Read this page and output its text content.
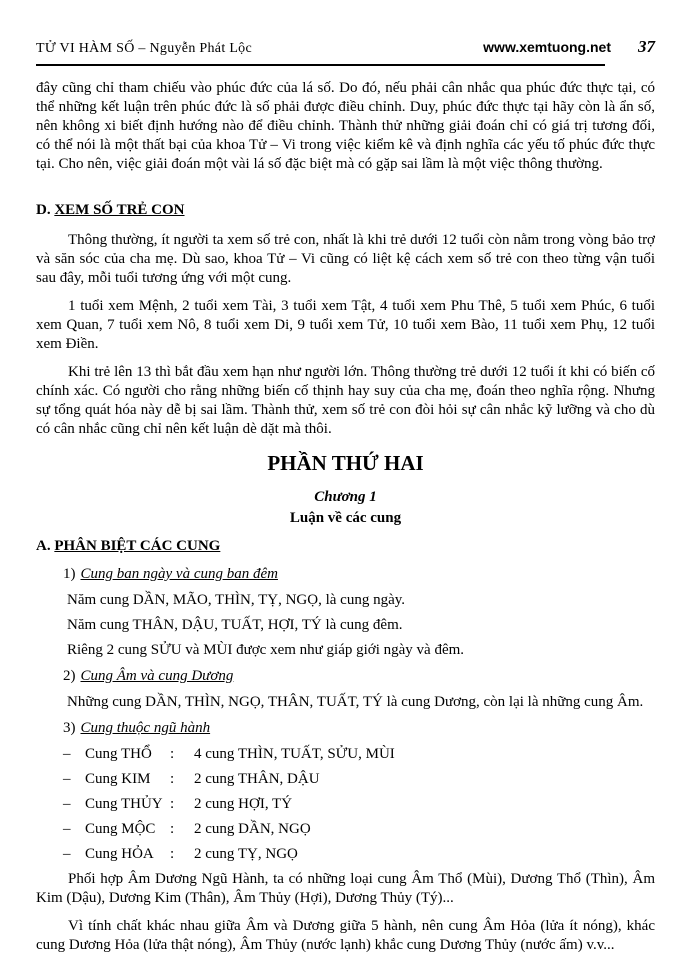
TỬ VI HÀM SỐ – Nguyễn Phát Lộc	www.xemtuong.net	37

đây cũng chỉ tham chiếu vào phúc đức của lá số. Do đó, nếu phải cân nhắc qua phúc đức thực tại, có thể những kết luận trên phúc đức là số phải được điều chỉnh. Duy, phúc đức thực tại hãy còn là ẩn số, nên không xi biết định hướng nào để điều chỉnh. Thành thử những giải đoán chỉ có giá trị tương đối, có thể nói là một thất bại của khoa Tử – Vi trong việc kiểm kê và định nghĩa các yếu tố phúc đức thực tại. Cho nên, việc giải đoán một vài lá số đặc biệt mà có gặp sai lầm là một việc thông thường.

D. XEM SỐ TRẺ CON

Thông thường, ít người ta xem số trẻ con, nhất là khi trẻ dưới 12 tuổi còn nằm trong vòng bảo trợ và săn sóc của cha mẹ. Dù sao, khoa Tử – Vi cũng có liệt kệ cách xem số trẻ con theo từng vận tuổi sau đây, mỗi tuổi tương ứng với một cung.

1 tuổi xem Mệnh, 2 tuổi xem Tài, 3 tuổi xem Tật, 4 tuổi xem Phu Thê, 5 tuổi xem Phúc, 6 tuổi xem Quan, 7 tuổi xem Nô, 8 tuổi xem Di, 9 tuổi xem Tử, 10 tuổi xem Bào, 11 tuổi xem Phụ, 12 tuổi xem Điền.

Khi trẻ lên 13 thì bắt đầu xem hạn như người lớn. Thông thường trẻ dưới 12 tuổi ít khi có biến cố chính xác. Có người cho rằng những biến cố thịnh hay suy của cha mẹ, đoán theo nghĩa rộng. Nhưng sự tổng quát hóa này dễ bị sai lầm. Thành thử, xem số trẻ con đòi hỏi sự cân nhắc kỹ lưỡng và cho dù có cân nhắc cũng chỉ nên kết luận dè dặt mà thôi.

PHẦN THỨ HAI
Chương 1
Luận về các cung
A. PHÂN BIỆT CÁC CUNG
1) Cung ban ngày và cung ban đêm
Năm cung DẦN, MÃO, THÌN, TỴ, NGỌ, là cung ngày.
Năm cung THÂN, DẬU, TUẤT, HỢI, TÝ là cung đêm.
Riêng 2 cung SỬU và MÙI được xem như giáp giới ngày và đêm.
2) Cung Âm và cung Dương
Những cung DẦN, THÌN, NGỌ, THÂN, TUẤT, TÝ là cung Dương, còn lại là những cung Âm.
3) Cung thuộc ngũ hành
– Cung THỔ	:	4 cung THÌN, TUẤT, SỬU, MÙI
– Cung KIM	:	2 cung THÂN, DẬU
– Cung THỦY :	2 cung HỢI, TÝ
– Cung MỘC :	2 cung DẦN, NGỌ
– Cung HỎA	:	2 cung TỴ, NGỌ

Phối hợp Âm Dương Ngũ Hành, ta có những loại cung Âm Thổ (Mùi), Dương Thổ (Thìn), Âm Kim (Dậu), Dương Kim (Thân), Âm Thủy (Hợi), Dương Thủy (Tý)...

Vì tính chất khác nhau giữa Âm và Dương giữa 5 hành, nên cung Âm Hỏa (lửa ít nóng), khác cung Dương Hỏa (lửa thật nóng), Âm Thủy (nước lạnh) khắc cung Dương Thủy (nước ấm) v.v...
